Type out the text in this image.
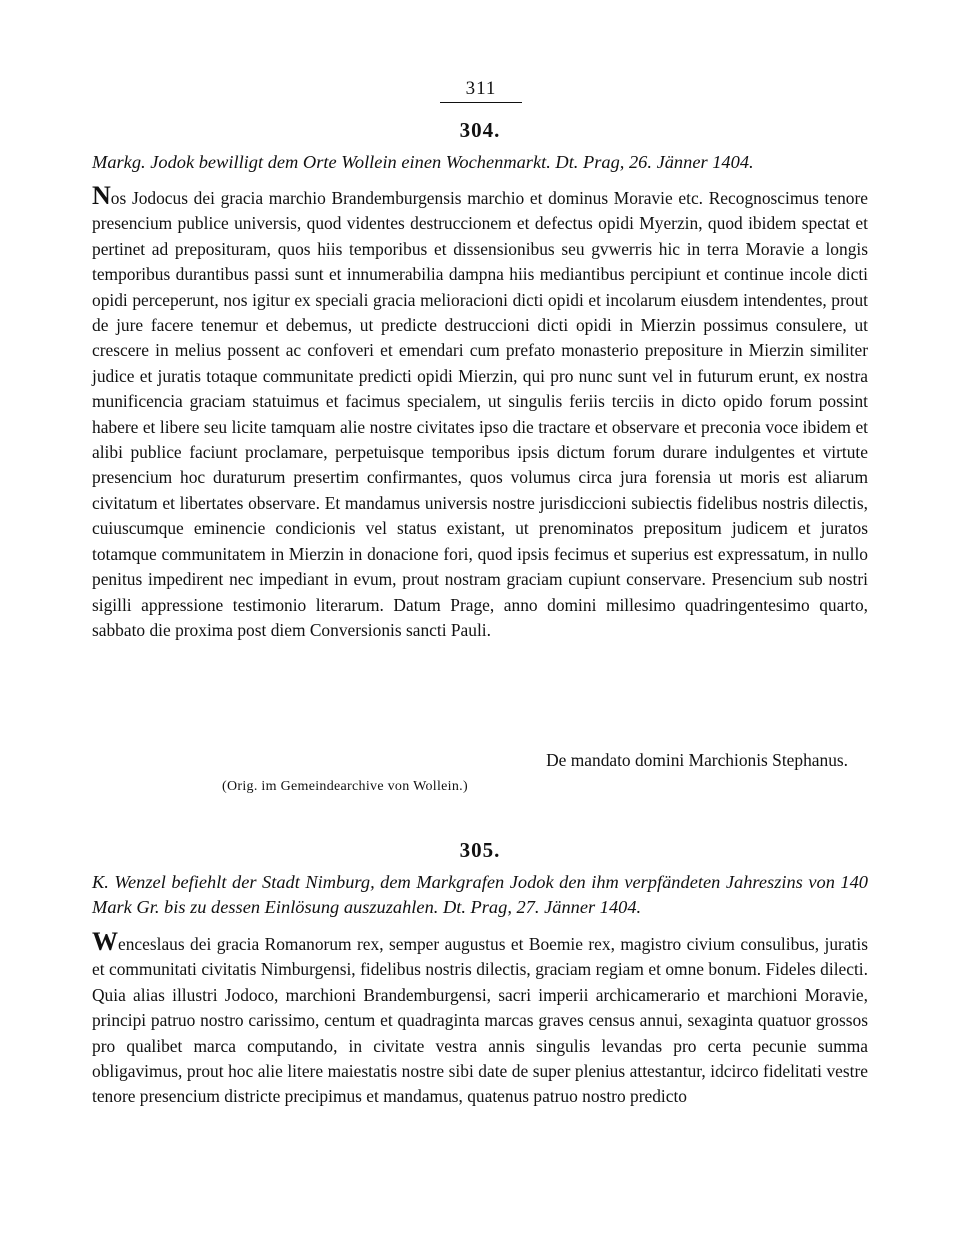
311
304.
Markg. Jodok bewilligt dem Orte Wollein einen Wochenmarkt. Dt. Prag, 26. Jänner 1404.
Nos Jodocus dei gracia marchio Brandemburgensis marchio et dominus Moravie etc. Recognoscimus tenore presencium publice universis, quod videntes destruccionem et defectus opidi Myerzin, quod ibidem spectat et pertinet ad preposituram, quos hiis temporibus et dissensionibus seu gvwerris hic in terra Moravie a longis temporibus durantibus passi sunt et innumerabilia dampna hiis mediantibus percipiunt et continue incole dicti opidi perceperunt, nos igitur ex speciali gracia melioracioni dicti opidi et incolarum eiusdem intendentes, prout de jure facere tenemur et debemus, ut predicte destruccioni dicti opidi in Mierzin possimus consulere, ut crescere in melius possent ac confoveri et emendari cum prefato monasterio prepositure in Mierzin similiter judice et juratis totaque communitate predicti opidi Mierzin, qui pro nunc sunt vel in futurum erunt, ex nostra munificencia graciam statuimus et facimus specialem, ut singulis feriis terciis in dicto opido forum possint habere et libere seu licite tamquam alie nostre civitates ipso die tractare et observare et preconia voce ibidem et alibi publice faciunt proclamare, perpetuisque temporibus ipsis dictum forum durare indulgentes et virtute presencium hoc duraturum presertim confirmantes, quos volumus circa jura forensia ut moris est aliarum civitatum et libertates observare. Et mandamus universis nostre jurisdiccioni subiectis fidelibus nostris dilectis, cuiuscumque eminencie condicionis vel status existant, ut prenominatos prepositum judicem et juratos totamque communitatem in Mierzin in donacione fori, quod ipsis fecimus et superius est expressatum, in nullo penitus impedirent nec impediant in evum, prout nostram graciam cupiunt conservare. Presencium sub nostri sigilli appressione testimonio literarum. Datum Prage, anno domini millesimo quadringentesimo quarto, sabbato die proxima post diem Conversionis sancti Pauli.
De mandato domini Marchionis Stephanus.
(Orig. im Gemeindearchive von Wollein.)
305.
K. Wenzel befiehlt der Stadt Nimburg, dem Markgrafen Jodok den ihm verpfändeten Jahreszins von 140 Mark Gr. bis zu dessen Einlösung auszuzahlen. Dt. Prag, 27. Jänner 1404.
Wenceslaus dei gracia Romanorum rex, semper augustus et Boemie rex, magistro civium consulibus, juratis et communitati civitatis Nimburgensi, fidelibus nostris dilectis, graciam regiam et omne bonum. Fideles dilecti. Quia alias illustri Jodoco, marchioni Brandemburgensi, sacri imperii archicamerario et marchioni Moravie, principi patruo nostro carissimo, centum et quadraginta marcas graves census annui, sexaginta quatuor grossos pro qualibet marca computando, in civitate vestra annis singulis levandas pro certa pecunie summa obligavimus, prout hoc alie litere maiestatis nostre sibi date de super plenius attestantur, idcirco fidelitati vestre tenore presencium districte precipimus et mandamus, quatenus patruo nostro predicto
